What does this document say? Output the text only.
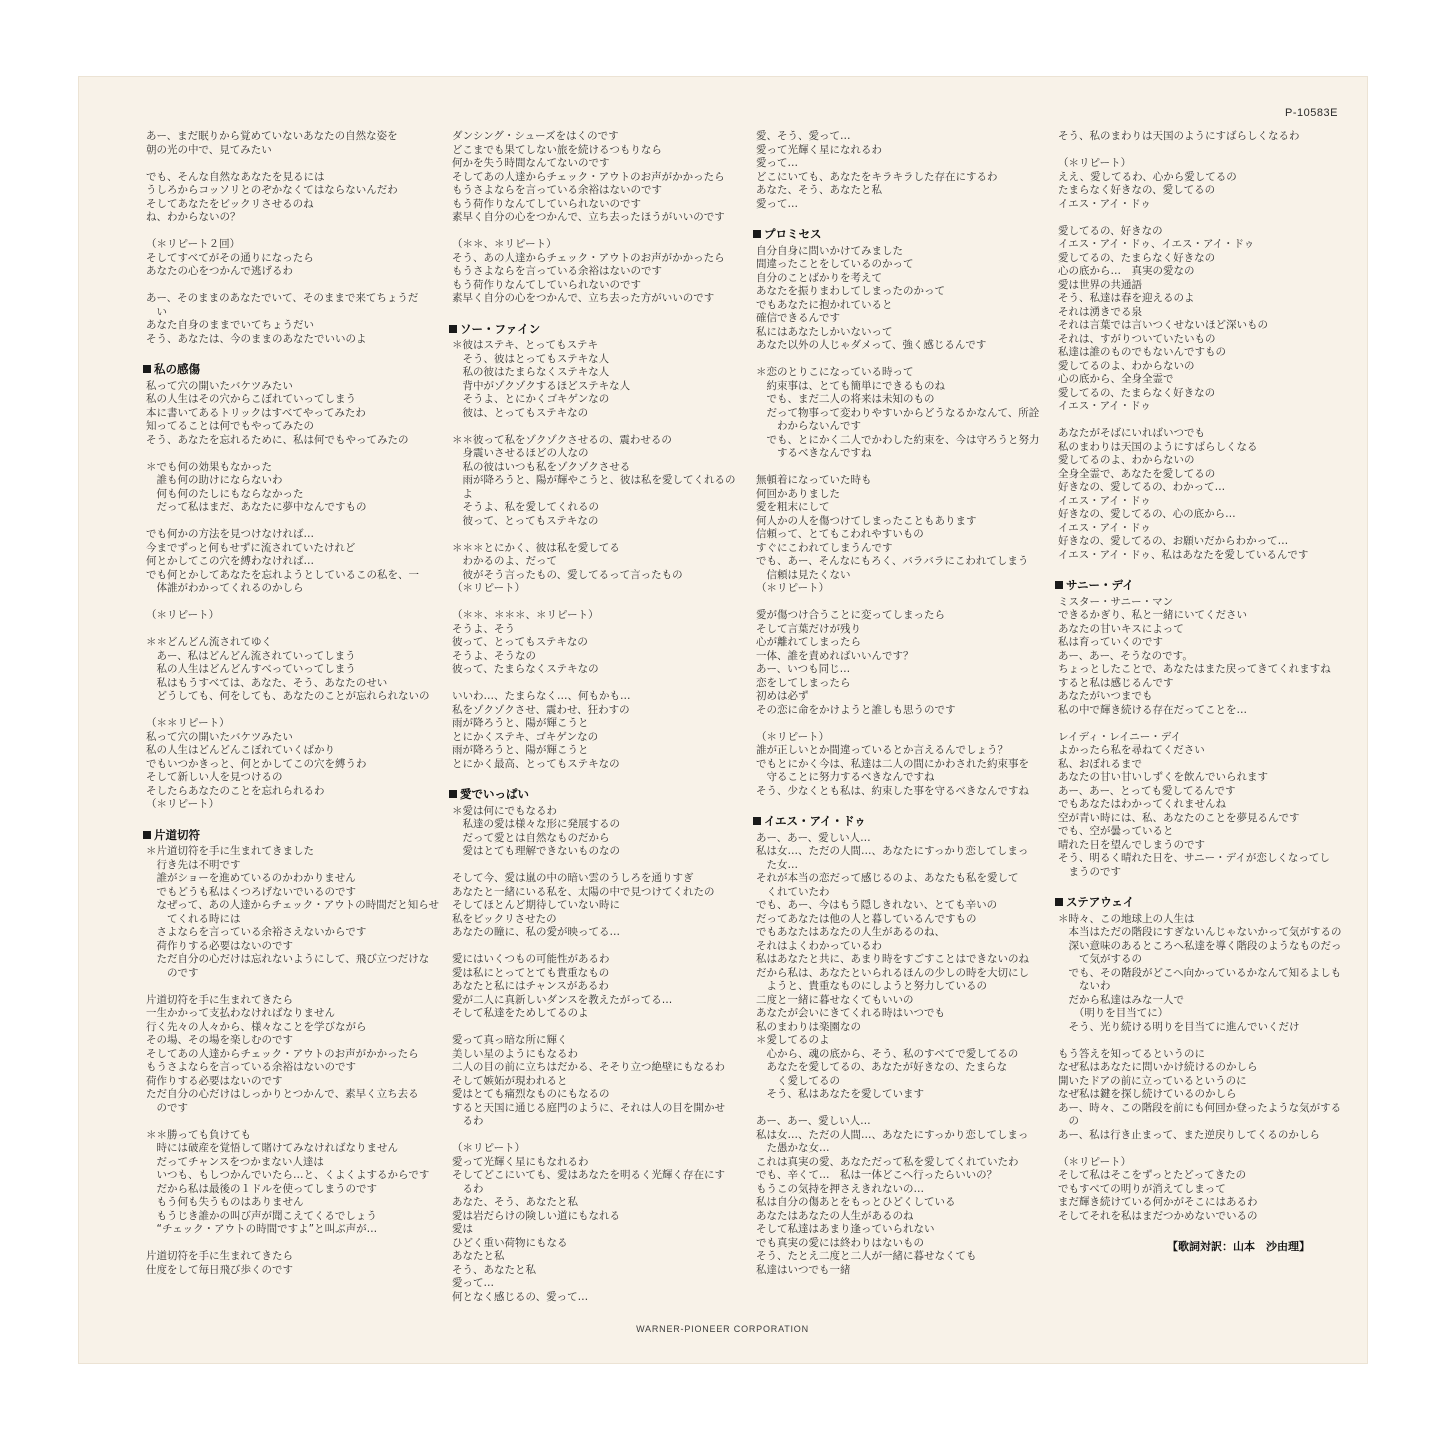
P-10583E
あー、まだ眠りから覚めていないあなたの自然な姿を
朝の光の中で、見てみたい
でも、そんな自然なあなたを見るには
うしろからコッソリとのぞかなくてはならないんだわ
そしてあなたをビックリさせるのね
ね、わからないの？
（＊リピート２回）
そしてすべてがその通りになったら
あなたの心をつかんで逃げるわ
あー、そのままのあなたでいて、そのままで来てちょうだ
　い
あなた自身のままでいてちょうだい
そう、あなたは、今のままのあなたでいいのよ
私の感傷
私って穴の開いたバケツみたい
私の人生はその穴からこぼれていってしまう
本に書いてあるトリックはすべてやってみたわ
知ってることは何でもやってみたの
そう、あなたを忘れるために、私は何でもやってみたの
＊でも何の効果もなかった
　誰も何の助けにならないわ
　何も何のたしにもならなかった
　だって私はまだ、あなたに夢中なんですもの
でも何かの方法を見つけなければ…
今までずっと何もせずに流されていたけれど
何とかしてこの穴を縛わなければ…
でも何とかしてあなたを忘れようとしているこの私を、一
　体誰がわかってくれるのかしら
（＊リピート）
＊＊どんどん流されてゆく
　あー、私はどんどん流されていってしまう
　私の人生はどんどんすべっていってしまう
　私はもうすべては、あなた、そう、あなたのせい
　どうしても、何をしても、あなたのことが忘れられないの
（＊＊リピート）
私って穴の開いたバケツみたい
私の人生はどんどんこぼれていくばかり
でもいつかきっと、何とかしてこの穴を縛うわ
そして新しい人を見つけるの
そしたらあなたのことを忘れられるわ
（＊リピート）
片道切符
＊片道切符を手に生まれてきました
　行き先は不明です
　誰がショーを進めているのかわかりません
　でもどうも私はくつろげないでいるのです
　なぜって、あの人達からチェック・アウトの時間だと知らせ
　　てくれる時には
　さよならを言っている余裕さえないからです
　荷作りする必要はないのです
　ただ自分の心だけは忘れないようにして、飛び立つだけな
　　のです
片道切符を手に生まれてきたら
一生かかって支払わなければなりません
行く先々の人々から、様々なことを学びながら
その場、その場を楽しむのです
そしてあの人達からチェック・アウトのお声がかかったら
もうさよならを言っている余裕はないのです
荷作りする必要はないのです
ただ自分の心だけはしっかりとつかんで、素早く立ち去る
　のです
＊＊勝っても負けても
　時には破産を覚悟して賭けてみなければなりません
　だってチャンスをつかまない人達は
　いつも、もしつかんでいたら…と、くよくよするからです
　だから私は最後の１ドルを使ってしまうのです
　もう何も失うものはありません
　もうじき誰かの叫び声が聞こえてくるでしょう
　“チェック・アウトの時間ですよ”と叫ぶ声が…
片道切符を手に生まれてきたら
仕度をして毎日飛び歩くのです
ダンシング・シューズをはくのです
どこまでも果てしない旅を続けるつもりなら
何かを失う時間なんてないのです
そしてあの人達からチェック・アウトのお声がかかったら
もうさよならを言っている余裕はないのです
もう荷作りなんてしていられないのです
素早く自分の心をつかんで、立ち去ったほうがいいのです
（＊＊、＊リピート）
そう、あの人達からチェック・アウトのお声がかかったら
もうさよならを言っている余裕はないのです
もう荷作りなんてしていられないのです
素早く自分の心をつかんで、立ち去った方がいいのです
ソー・ファイン
＊彼はステキ、とってもステキ
　そう、彼はとってもステキな人
　私の彼はたまらなくステキな人
　背中がゾクゾクするほどステキな人
　そうよ、とにかくゴキゲンなの
　彼は、とってもステキなの
＊＊彼って私をゾクゾクさせるの、震わせるの
　身震いさせるほどの人なの
　私の彼はいつも私をゾクゾクさせる
　雨が降ろうと、陽が輝やこうと、彼は私を愛してくれるの
　よ
　そうよ、私を愛してくれるの
　彼って、とってもステキなの
＊＊＊とにかく、彼は私を愛してる
　わかるのよ、だって
　彼がそう言ったもの、愛してるって言ったもの
（＊リピート）
（＊＊、＊＊＊、＊リピート）
そうよ、そう
彼って、とってもステキなの
そうよ、そうなの
彼って、たまらなくステキなの
いいわ…、たまらなく…、何もかも…
私をゾクゾクさせ、震わせ、狂わすの
雨が降ろうと、陽が輝こうと
とにかくステキ、ゴキゲンなの
雨が降ろうと、陽が輝こうと
とにかく最高、とってもステキなの
愛でいっぱい
＊愛は何にでもなるわ
　私達の愛は様々な形に発展するの
　だって愛とは自然なものだから
　愛はとても理解できないものなの
そして今、愛は嵐の中の暗い雲のうしろを通りすぎ
あなたと一緒にいる私を、太陽の中で見つけてくれたの
そしてほとんど期待していない時に
私をビックリさせたの
あなたの瞳に、私の愛が映ってる…
愛にはいくつもの可能性があるわ
愛は私にとってとても貴重なもの
あなたと私にはチャンスがあるわ
愛が二人に真新しいダンスを教えたがってる…
そして私達をためしてるのよ
愛って真っ暗な所に輝く
美しい星のようにもなるわ
二人の目の前に立ちはだかる、そそり立つ絶壁にもなるわ
そして嫉妬が現われると
愛はとても痛烈なものにもなるの
すると天国に通じる庭門のように、それは人の目を開かせ
　るわ
（＊リピート）
愛って光輝く星にもなれるわ
そしてどこにいても、愛はあなたを明るく光輝く存在にす
　るわ
あなた、そう、あなたと私
愛は岩だらけの険しい道にもなれる
愛は
ひどく重い荷物にもなる
あなたと私
そう、あなたと私
愛って…
何となく感じるの、愛って…
愛、そう、愛って…
愛って光輝く星になれるわ
愛って…
どこにいても、あなたをキラキラした存在にするわ
あなた、そう、あなたと私
愛って…
プロミセス
自分自身に問いかけてみました
間違ったことをしているのかって
自分のことばかりを考えて
あなたを振りまわしてしまったのかって
でもあなたに抱かれていると
確信できるんです
私にはあなたしかいないって
あなた以外の人じゃダメって、強く感じるんです
＊恋のとりこになっている時って
　約束事は、とても簡単にできるものね
　でも、まだ二人の将来は未知のもの
　だって物事って変わりやすいからどうなるかなんて、所詮
　　わからないんです
　でも、とにかく二人でかわした約束を、今は守ろうと努力
　　するべきなんですね
無頓着になっていた時も
何回かありました
愛を粗末にして
何人かの人を傷つけてしまったこともあります
信頼って、とてもこわれやすいもの
すぐにこわれてしまうんです
でも、あー、そんなにもろく、バラバラにこわれてしまう
　信頼は見たくない
（＊リピート）
愛が傷つけ合うことに変ってしまったら
そして言葉だけが残り
心が離れてしまったら
一体、誰を責めればいいんです？
あー、いつも同じ…
恋をしてしまったら
初めは必ず
その恋に命をかけようと誰しも思うのです
（＊リピート）
誰が正しいとか間違っているとか言えるんでしょう？
でもとにかく今は、私達は二人の間にかわされた約束事を
　守ることに努力するべきなんですね
そう、少なくとも私は、約束した事を守るべきなんですね
イエス・アイ・ドゥ
あー、あー、愛しい人…
私は女…、ただの人間…、あなたにすっかり恋してしまっ
　た女…
それが本当の恋だって感じるのよ、あなたも私を愛して
　くれていたわ
でも、あー、今はもう隠しきれない、とても辛いの
だってあなたは他の人と暮しているんですもの
でもあなたはあなたの人生があるのね、
それはよくわかっているわ
私はあなたと共に、あまり時をすごすことはできないのね
だから私は、あなたといられるほんの少しの時を大切にし
　ようと、貴重なものにしようと努力しているの
二度と一緒に暮せなくてもいいの
あなたが会いにきてくれる時はいつでも
私のまわりは楽園なの
＊愛してるのよ
　心から、魂の底から、そう、私のすべてで愛してるの
　あなたを愛してるの、あなたが好きなの、たまらな
　　く愛してるの
　そう、私はあなたを愛しています
あー、あー、愛しい人…
私は女…、ただの人間…、あなたにすっかり恋してしまっ
　た愚かな女…
これは真実の愛、あなただって私を愛してくれていたわ
でも、辛くて…　私は一体どこへ行ったらいいの？
もうこの気持を押さえきれないの…
私は自分の傷あとをもっとひどくしている
あなたはあなたの人生があるのね
そして私達はあまり逢っていられない
でも真実の愛には終わりはないもの
そう、たとえ二度と二人が一緒に暮せなくても
私達はいつでも一緒
そう、私のまわりは天国のようにすばらしくなるわ
（＊リピート）
ええ、愛してるわ、心から愛してるの
たまらなく好きなの、愛してるの
イエス・アイ・ドゥ
愛してるの、好きなの
イエス・アイ・ドゥ、イエス・アイ・ドゥ
愛してるの、たまらなく好きなの
心の底から…　真実の愛なの
愛は世界の共通語
そう、私達は春を迎えるのよ
それは湧きでる泉
それは言葉では言いつくせないほど深いもの
それは、すがりついていたいもの
私達は誰のものでもないんですもの
愛してるのよ、わからないの
心の底から、全身全霊で
愛してるの、たまらなく好きなの
イエス・アイ・ドゥ
あなたがそばにいればいつでも
私のまわりは天国のようにすばらしくなる
愛してるのよ、わからないの
全身全霊で、あなたを愛してるの
好きなの、愛してるの、わかって…
イエス・アイ・ドゥ
好きなの、愛してるの、心の底から…
イエス・アイ・ドゥ
好きなの、愛してるの、お願いだからわかって…
イエス・アイ・ドゥ、私はあなたを愛しているんです
サニー・デイ
ミスター・サニー・マン
できるかぎり、私と一緒にいてください
あなたの甘いキスによって
私は育っていくのです
あー、あー、そうなのです。
ちょっとしたことで、あなたはまた戻ってきてくれますね
すると私は感じるんです
あなたがいつまでも
私の中で輝き続ける存在だってことを…
レイディ・レイニー・デイ
よかったら私を尋ねてください
私、おぼれるまで
あなたの甘い甘いしずくを飲んでいられます
あー、あー、とっても愛してるんです
でもあなたはわかってくれませんね
空が青い時には、私、あなたのことを夢見るんです
でも、空が曇っていると
晴れた日を望んでしまうのです
そう、明るく晴れた日を、サニー・デイが恋しくなってし
　まうのです
ステアウェイ
＊時々、この地球上の人生は
　本当はただの階段にすぎないんじゃないかって気がするの
　深い意味のあるところへ私達を導く階段のようなものだっ
　　て気がするの
　でも、その階段がどこへ向かっているかなんて知るよしも
　　ないわ
　だから私達はみな一人で
　　（明りを目当てに）
　そう、光り続ける明りを目当てに進んでいくだけ
もう答えを知ってるというのに
なぜ私はあなたに問いかけ続けるのかしら
開いたドアの前に立っているというのに
なぜ私は鍵を探し続けているのかしら
あー、時々、この階段を前にも何回か登ったような気がする
　の
あー、私は行き止まって、また逆戻りしてくるのかしら
（＊リピート）
そして私はそこをずっとたどってきたの
でもすべての明りが消えてしまって
まだ輝き続けている何かがそこにはあるわ
そしてそれを私はまだつかめないでいるの
【歌詞対訳：山本　沙由理】
WARNER-PIONEER CORPORATION
